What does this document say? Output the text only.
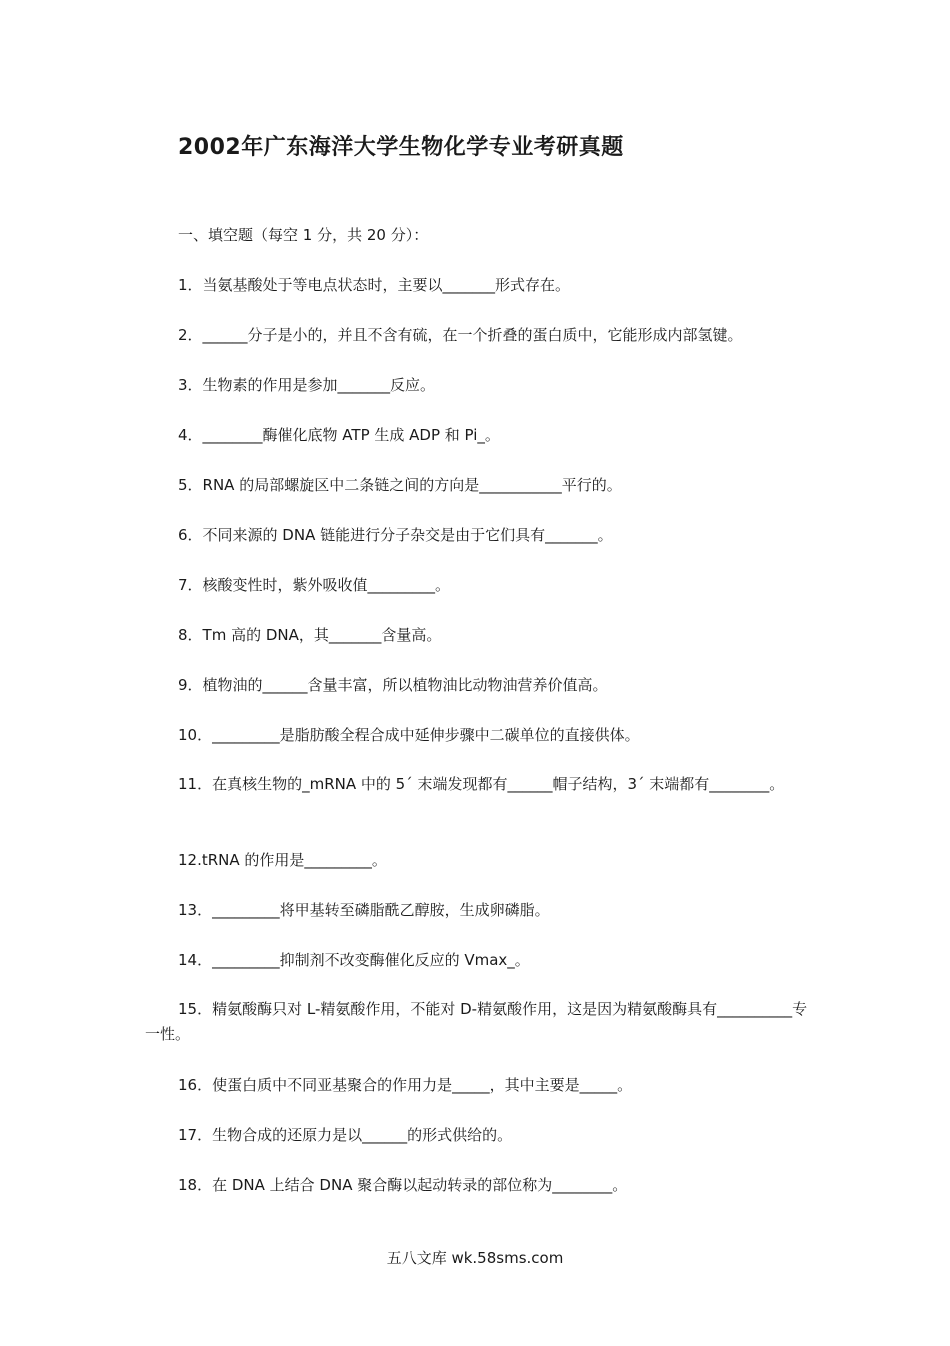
2002年广东海洋大学生物化学专业考研真题
一、填空题（每空 1 分，共 20 分）：
1．当氨基酸处于等电点状态时，主要以_______形式存在。
2．______分子是小的，并且不含有硫，在一个折叠的蛋白质中，它能形成内部氢键。
3．生物素的作用是参加_______反应。
4．________酶催化底物 ATP 生成 ADP 和 Pi_。
5．RNA 的局部螺旋区中二条链之间的方向是___________平行的。
6．不同来源的 DNA 链能进行分子杂交是由于它们具有_______。
7．核酸变性时，紫外吸收值_________。
8．Tm 高的 DNA，其_______含量高。
9．植物油的______含量丰富，所以植物油比动物油营养价值高。
10．_________是脂肪酸全程合成中延伸步骤中二碳单位的直接供体。
11．在真核生物的_mRNA 中的 5´ 末端发现都有______帽子结构，3´ 末端都有________。
12.tRNA 的作用是_________。
13．_________将甲基转至磷脂酰乙醇胺，生成卵磷脂。
14．_________抑制剂不改变酶催化反应的 Vmax_。
15．精氨酸酶只对 L-精氨酸作用，不能对 D-精氨酸作用，这是因为精氨酸酶具有__________专一性。
16．使蛋白质中不同亚基聚合的作用力是_____，其中主要是_____。
17．生物合成的还原力是以______的形式供给的。
18．在 DNA 上结合 DNA 聚合酶以起动转录的部位称为________。
五八文库 wk.58sms.com
